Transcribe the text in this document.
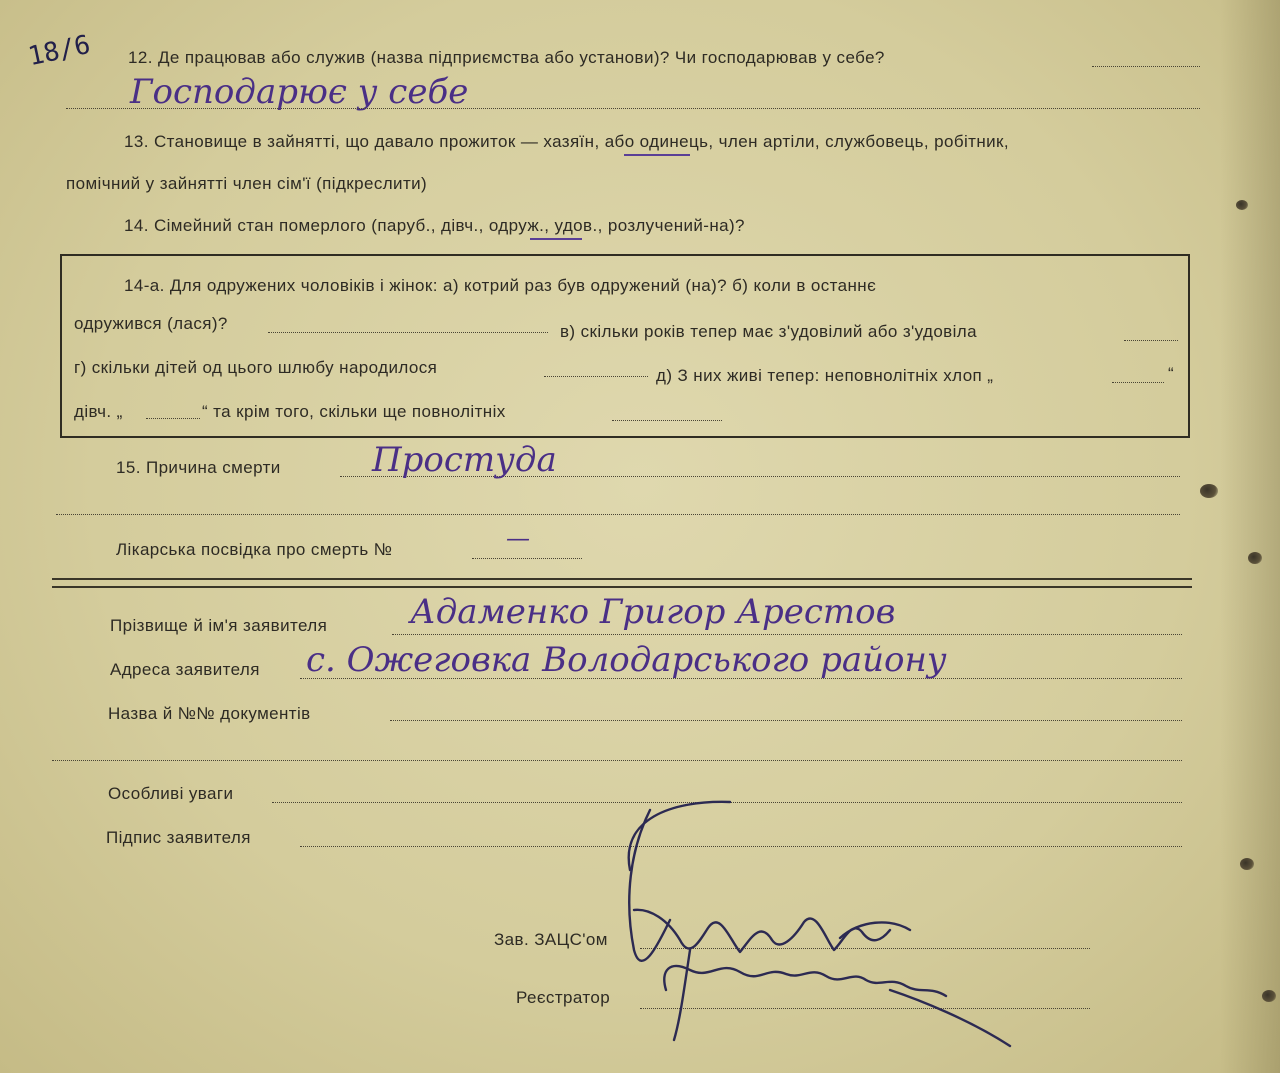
18/6 12. Де працював або служив (назва підприємства або установи)? Чи господарював у себе?
Господарює у себе
13. Становище в зайнятті, що давало прожиток — хазяїн, або одинець, член артіли, службовець, робітник,
помічний у зайнятті член сім'ї (підкреслити)
14. Сімейний стан померлого (паруб., дівч., одруж., удов., розлучений-на)?
14-а. Для одружених чоловіків і жінок: а) котрий раз був одружений (на)? б) коли в останнє
одружився (лася)?	в) скільки років тепер має з'удовілий або з'удовіла
г) скільки дітей од цього шлюбу народилося	д) З них живі тепер: неповнолітніх хлоп „	“
дівч. „	“ та крім того, скільки ще повнолітніх
15. Причина смерти	Простуда
Лікарська посвідка про смерть №	—
Прізвище й ім'я заявителя Адаменко Григор Арестов
Адреса заявителя с. Ожеговка Володарського району
Назва й №№ документів
Особливі уваги
Підпис заявителя
Зав. ЗАЦС'ом
Реєстратор
